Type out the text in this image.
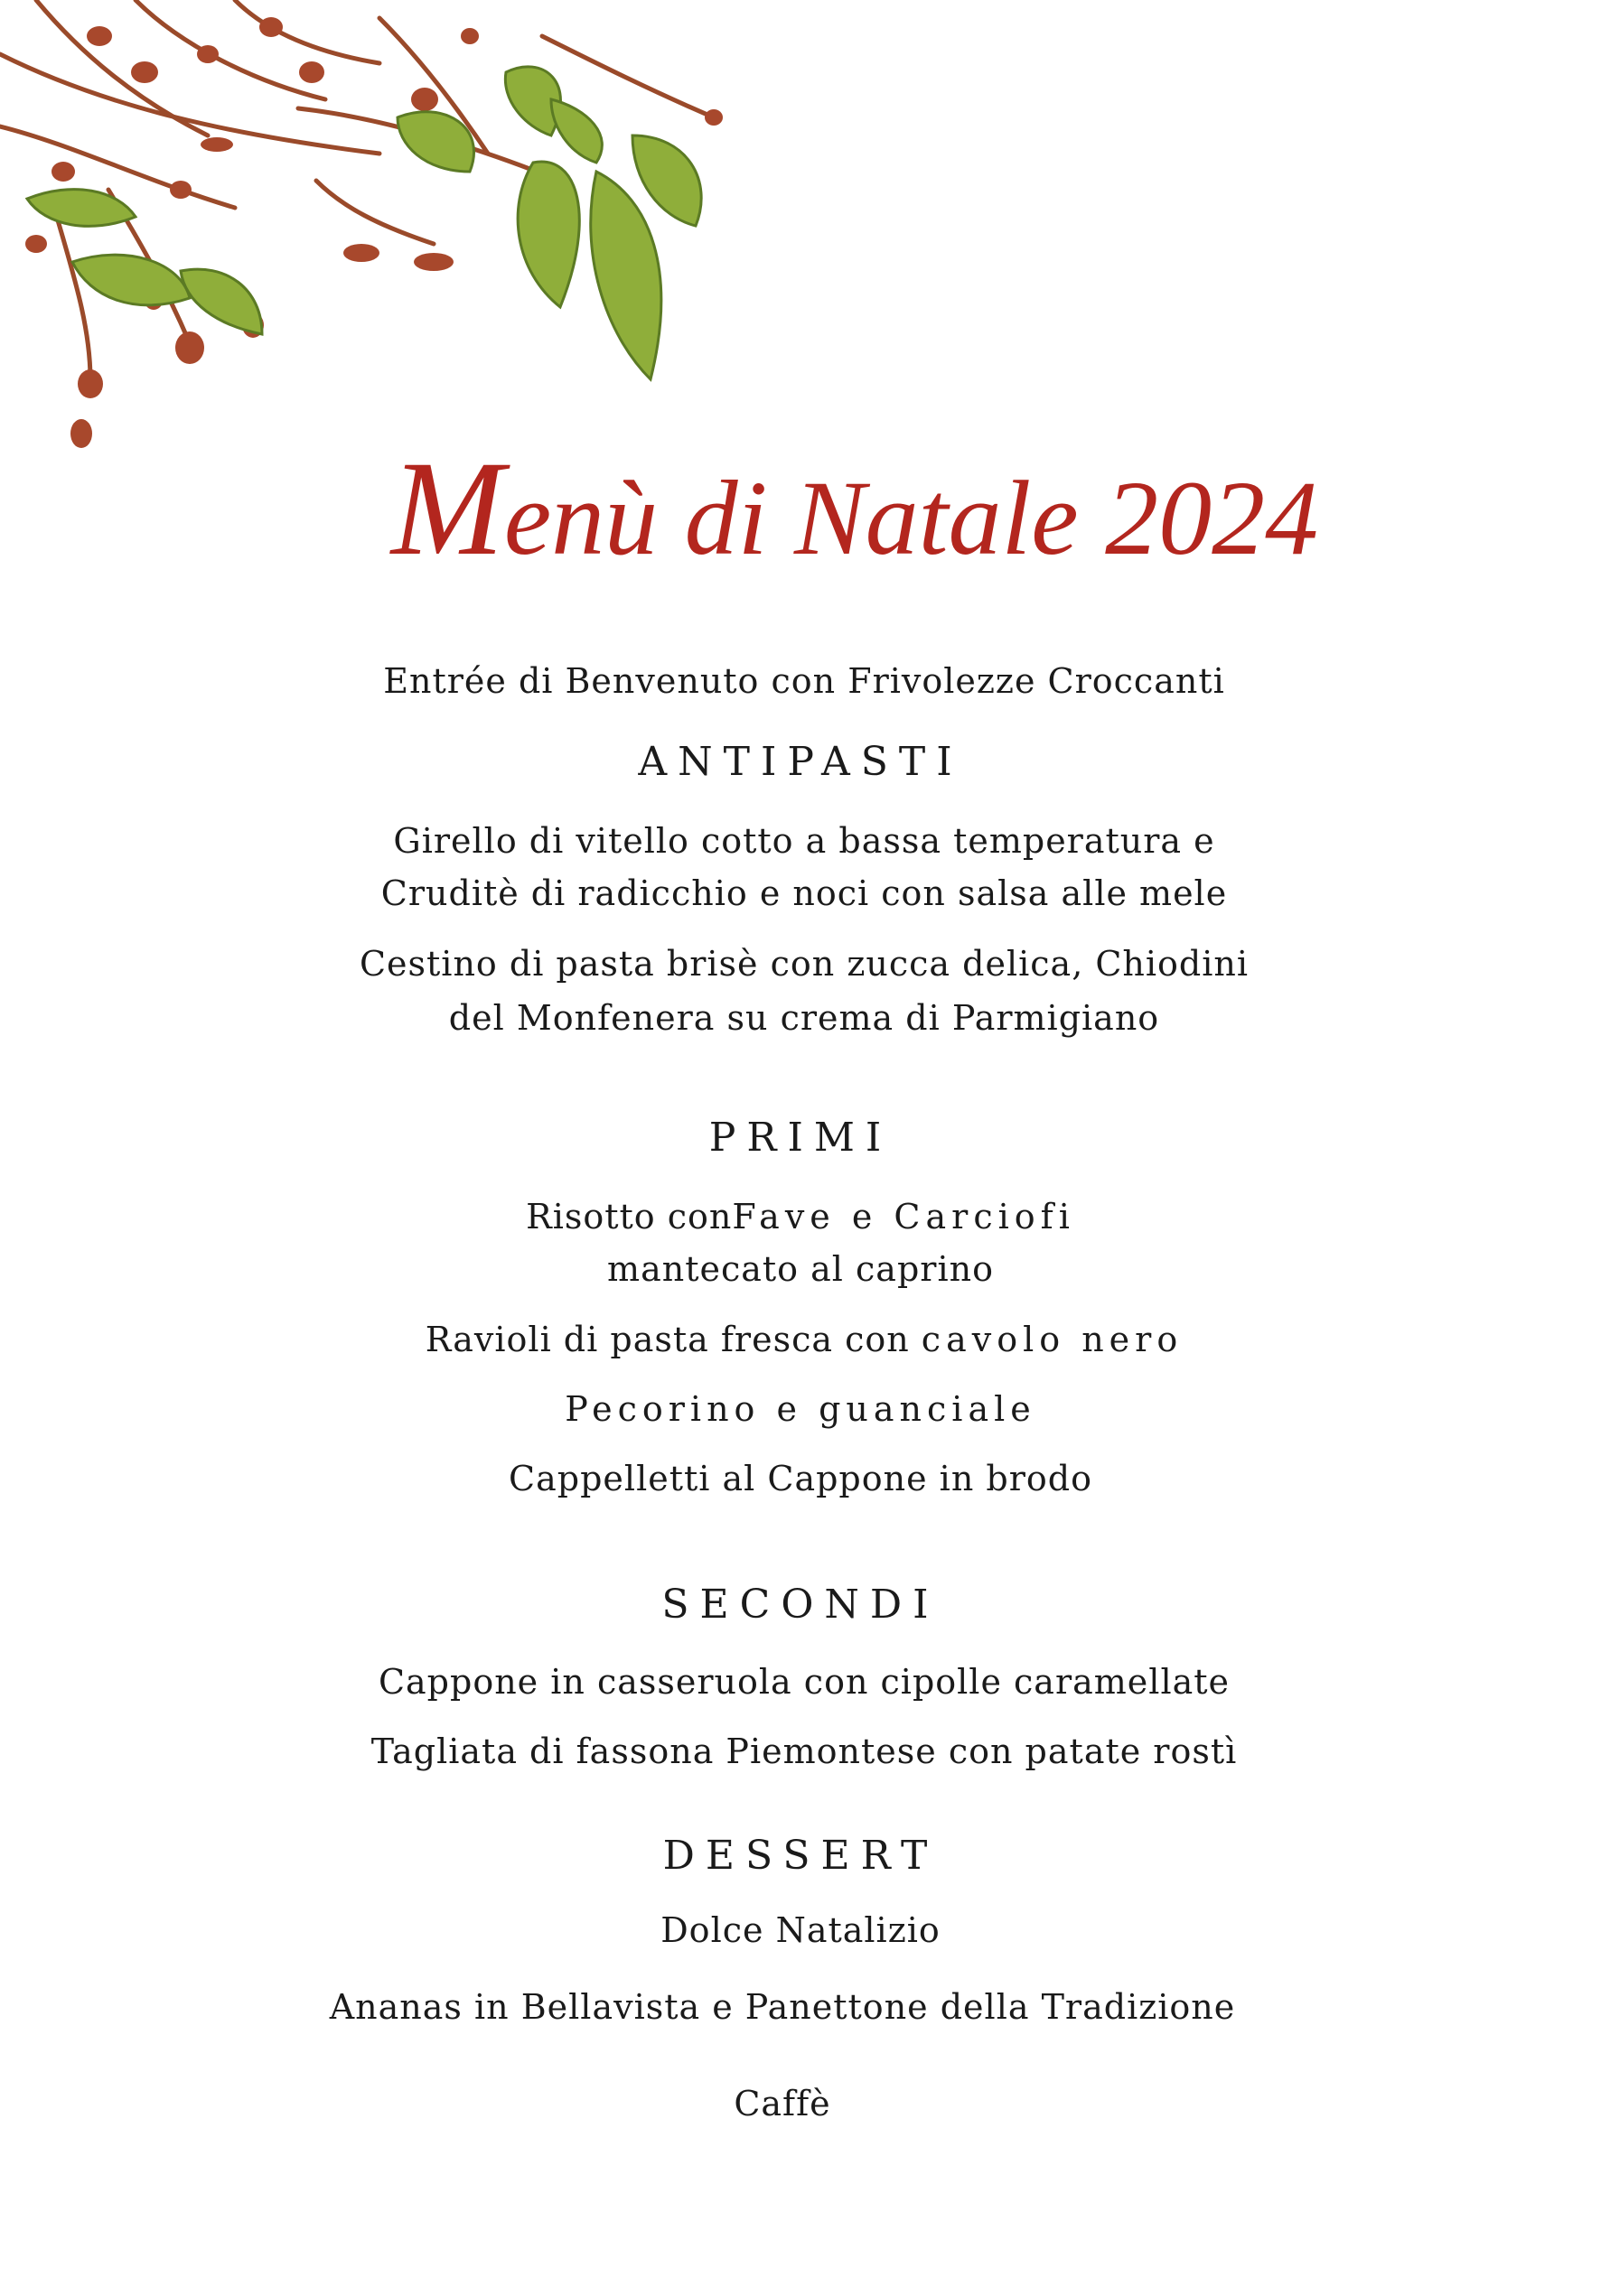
Menù di Natale 2024
Entrée di Benvenuto con Frivolezze Croccanti
ANTIPASTI
Girello di vitello cotto a bassa temperatura e
Cruditè di radicchio e noci con salsa alle mele
Cestino di pasta brisè con zucca delica, Chiodini
del Monfenera su crema di Parmigiano
PRIMI
Risotto conFave e Carciofi
mantecato al caprino
Ravioli di pasta fresca con cavolo nero
Pecorino e guanciale
Cappelletti al Cappone in brodo
SECONDI
Cappone in casseruola con cipolle caramellate
Tagliata di fassona Piemontese con patate rostì
DESSERT
Dolce Natalizio
Ananas in Bellavista e Panettone della Tradizione
Caffè
